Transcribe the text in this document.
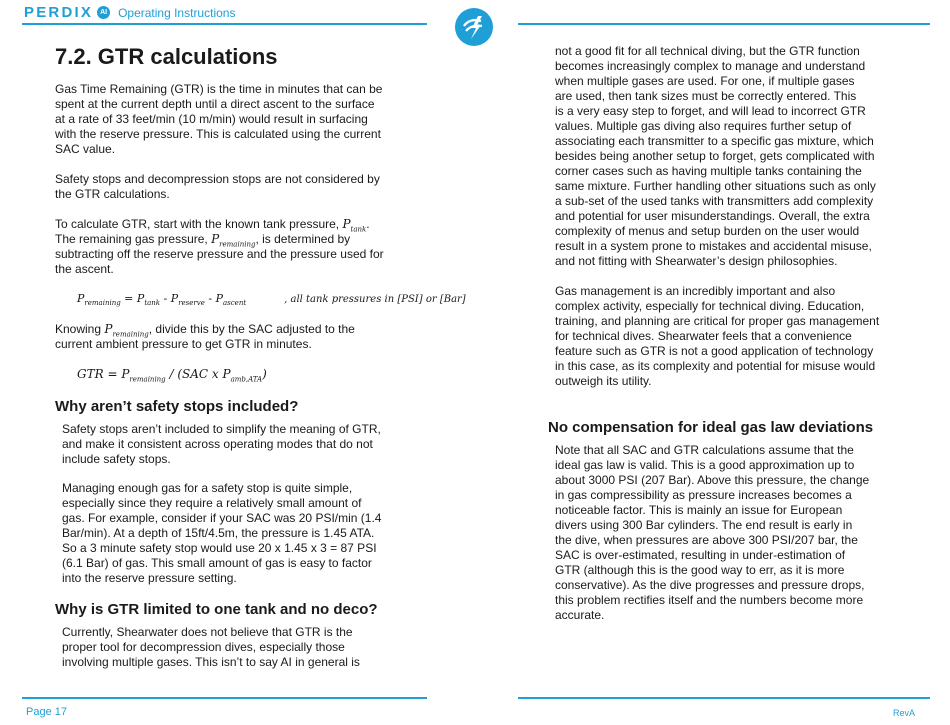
PERDIX	AI Operating Instructions
7.2. GTR calculations

Gas Time Remaining (GTR) is the time in minutes that can be

spent at the current depth until a direct ascent to the surface

at a rate of 33 feet/min (10 m/min) would result in surfacing

with the reserve pressure. This is calculated using the current

SAC value.

Safety stops and decompression stops are not considered by

the GTR calculations.

To calculate GTR, start with the known tank pressure, $P_{tank}$.

The remaining gas pressure, $P_{remaining}$, is determined by

subtracting off the reserve pressure and the pressure used for

the ascent.

$P_{remaining} = P_{tank} - P_{reserve} - P_{ascent}$	, all tank pressures in [PSI] or [Bar]

Knowing $P_{remaining}$, divide this by the SAC adjusted to the

current ambient pressure to get GTR in minutes.

GTR = $P_{remaining} / (SAC$ x $P_{amb,ATA}$)
Why aren’t safety stops included?

Safety stops aren’t included to simplify the meaning of GTR,

and make it consistent across operating modes that do not

include safety stops.

Managing enough gas for a safety stop is quite simple,

especially since they require a relatively small amount of

gas. For example, consider if your SAC was 20 PSI/min (1.4

Bar/min). At a depth of 15ft/4.5m, the pressure is 1.45 ATA.

So a 3 minute safety stop would use 20 x 1.45 x 3 = 87 PSI

(6.1 Bar) of gas. This small amount of gas is easy to factor

into the reserve pressure setting.

Why is GTR limited to one tank and no deco?

Currently, Shearwater does not believe that GTR is the

proper tool for decompression dives, especially those

involving multiple gases. This isn’t to say AI in general is

not a good fit for all technical diving, but the GTR function

becomes increasingly complex to manage and understand

when multiple gases are used. For one, if multiple gases

are used, then tank sizes must be correctly entered. This

is a very easy step to forget, and will lead to incorrect GTR

values. Multiple gas diving also requires further setup of

associating each transmitter to a specific gas mixture, which

besides being another setup to forget, gets complicated with

corner cases such as having multiple tanks containing the

same mixture. Further handling other situations such as only

a sub-set of the used tanks with transmitters add complexity

and potential for user misunderstandings. Overall, the extra

complexity of menus and setup burden on the user would

result in a system prone to mistakes and accidental misuse,

and not fitting with Shearwater’s design philosophies.

Gas management is an incredibly important and also

complex activity, especially for technical diving. Education,

training, and planning are critical for proper gas management

for technical dives. Shearwater feels that a convenience

feature such as GTR is not a good application of technology

in this case, as its complexity and potential for misuse would

outweigh its utility.

No compensation for ideal gas law deviations

Note that all SAC and GTR calculations assume that the

ideal gas law is valid. This is a good approximation up to

about 3000 PSI (207 Bar). Above this pressure, the change

in gas compressibility as pressure increases becomes a

noticeable factor. This is mainly an issue for European

divers using 300 Bar cylinders. The end result is early in

the dive, when pressures are above 300 PSI/207 bar, the

SAC is over-estimated, resulting in under-estimation of

GTR (although this is the good way to err, as it is more

conservative). As the dive progresses and pressure drops,

this problem rectifies itself and the numbers become more

accurate.

Page 17	RevA
